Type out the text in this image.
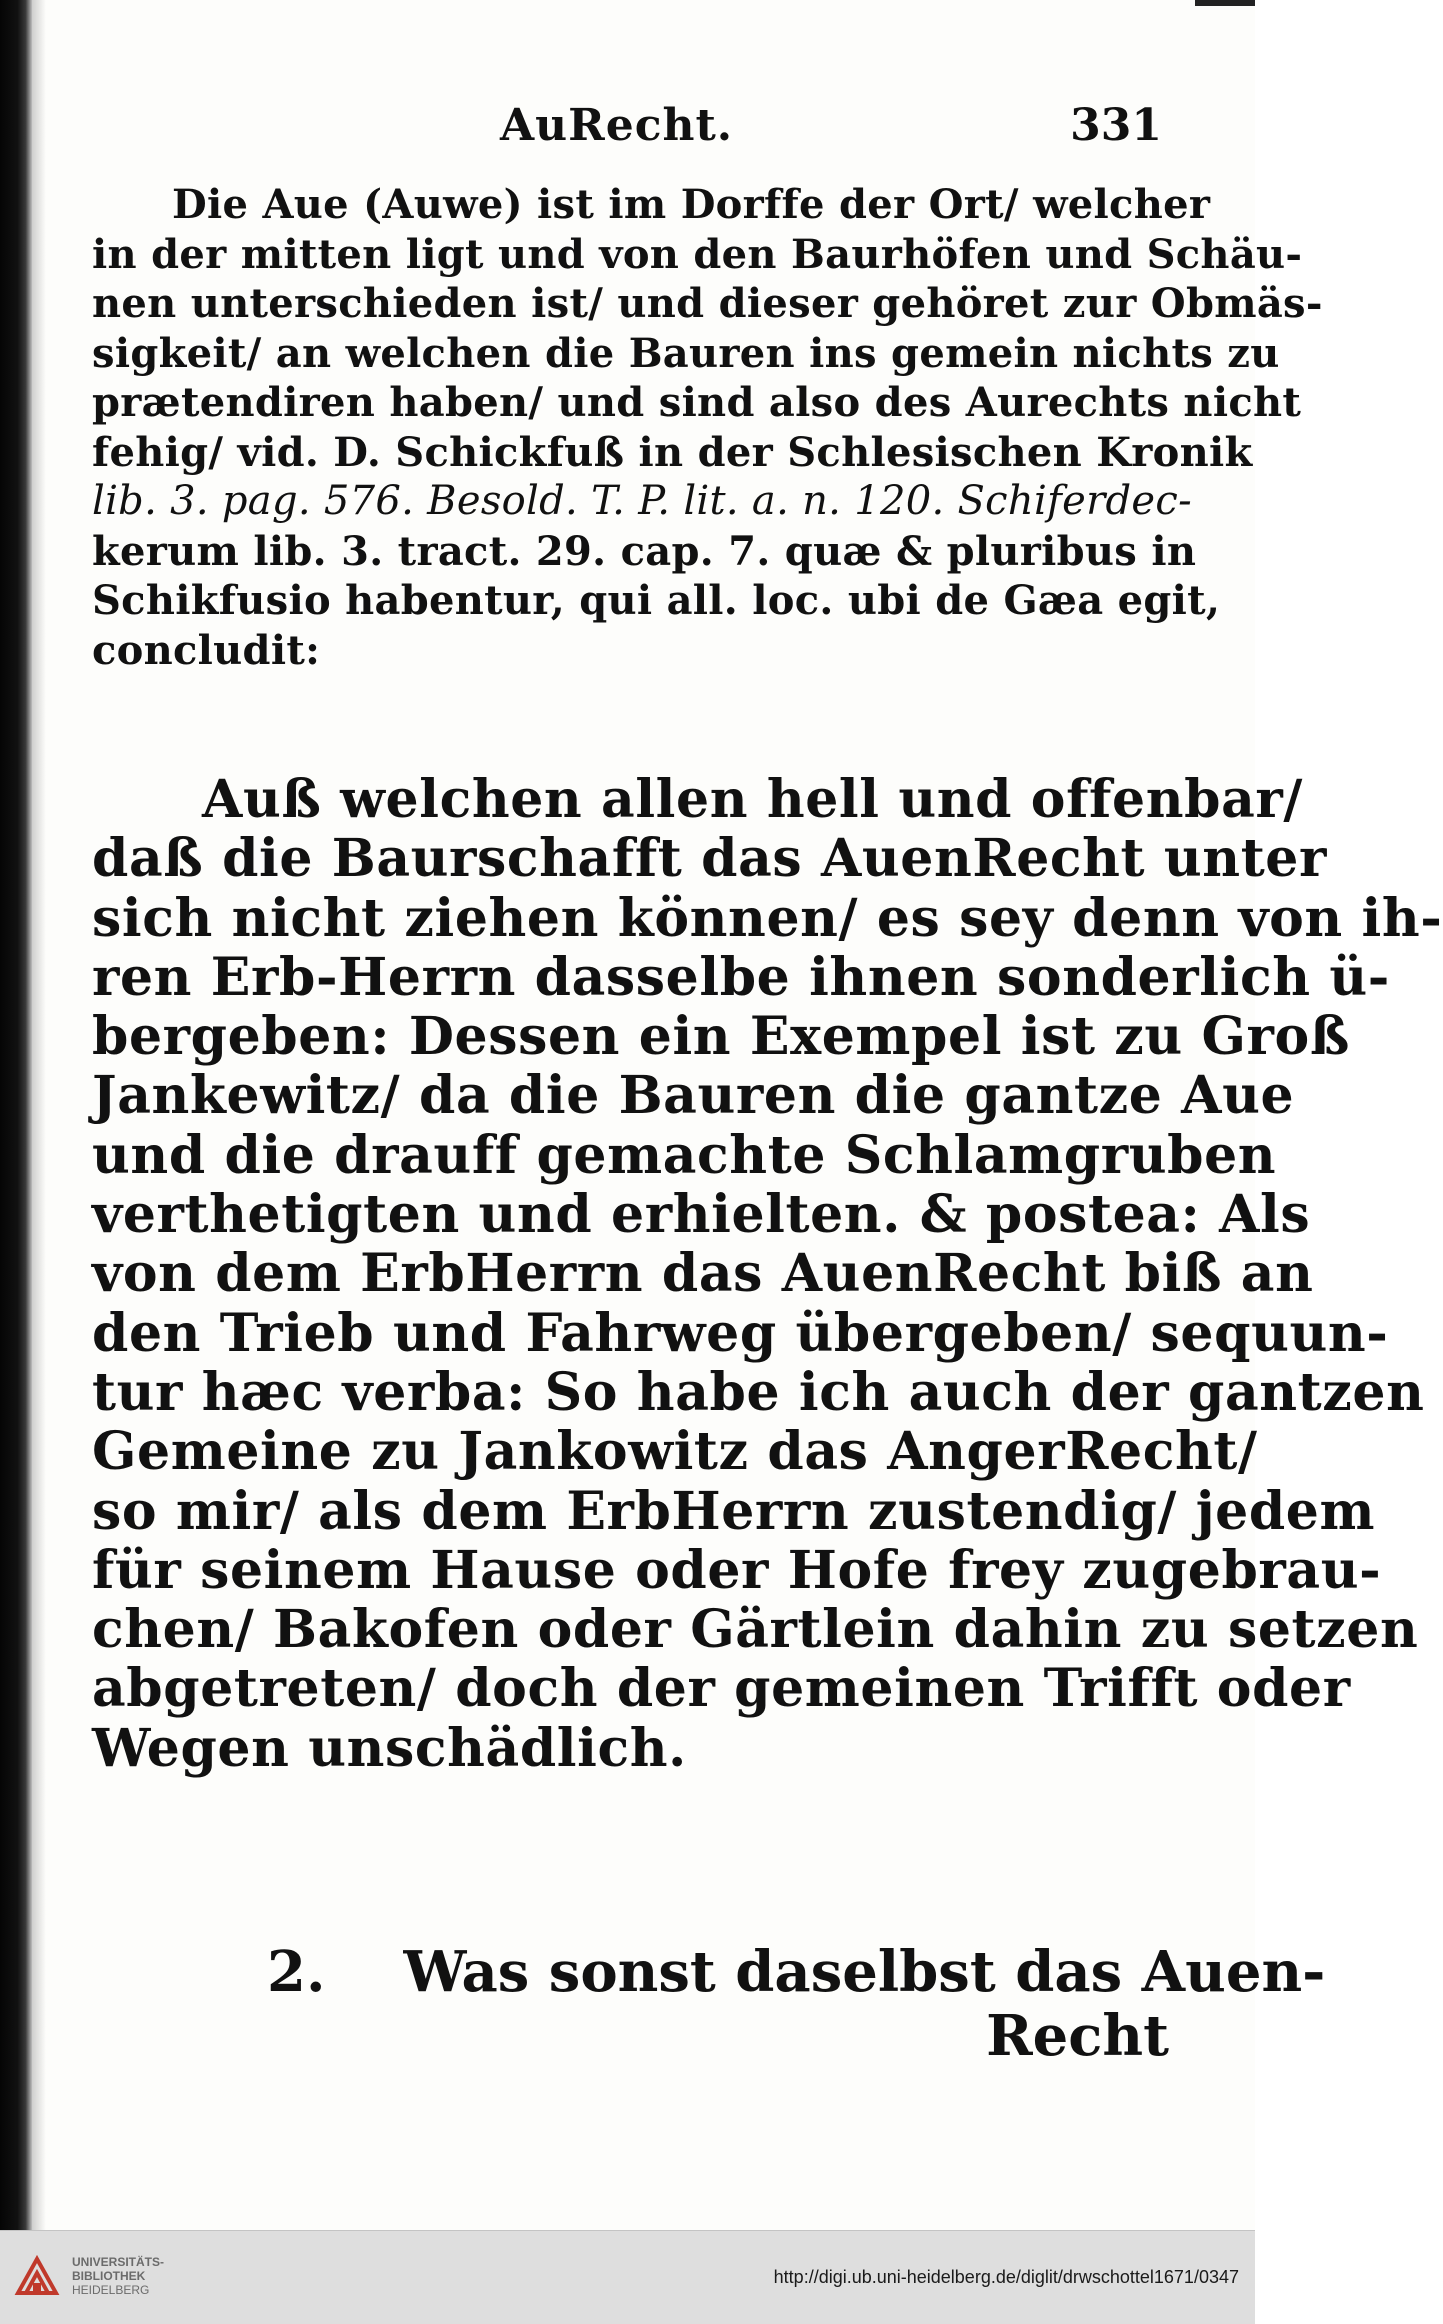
AuRecht.	331
Die Aue (Auwe) ist im Dorffe der Ort/ welcher
in der mitten ligt und von den Baurhöfen und Schäu-
nen unterschieden ist/ und dieser gehöret zur Obmäs-
sigkeit/ an welchen die Bauren ins gemein nichts zu
prætendiren haben/ und sind also des Aurechts nicht
fehig/ vid. D. Schickfuß in der Schlesischen Kronik
lib. 3. pag. 576. Besold. T. P. lit. a. n. 120. Schiferdec-
kerum lib. 3. tract. 29. cap. 7. quæ & pluribus in
Schikfusio habentur, qui all. loc. ubi de Gæa egit,
concludit:
Auß welchen allen hell und offenbar/
daß die Baurschafft das AuenRecht unter
sich nicht ziehen können/ es sey denn von ih-
ren Erb-Herrn dasselbe ihnen sonderlich ü-
bergeben: Dessen ein Exempel ist zu Groß
Jankewitz/ da die Bauren die gantze Aue
und die drauff gemachte Schlamgruben
verthetigten und erhielten. & postea: Als
von dem ErbHerrn das AuenRecht biß an
den Trieb und Fahrweg übergeben/ sequun-
tur hæc verba: So habe ich auch der gantzen
Gemeine zu Jankowitz das AngerRecht/
so mir/ als dem ErbHerrn zustendig/ jedem
für seinem Hause oder Hofe frey zugebrau-
chen/ Bakofen oder Gärtlein dahin zu setzen
abgetreten/ doch der gemeinen Trifft oder
Wegen unschädlich.
2. Was sonst daselbst das Auen-
Recht
UNIVERSITÄTS-
BIBLIOTHEK
HEIDELBERG
http://digi.ub.uni-heidelberg.de/diglit/drwschottel1671/0347
